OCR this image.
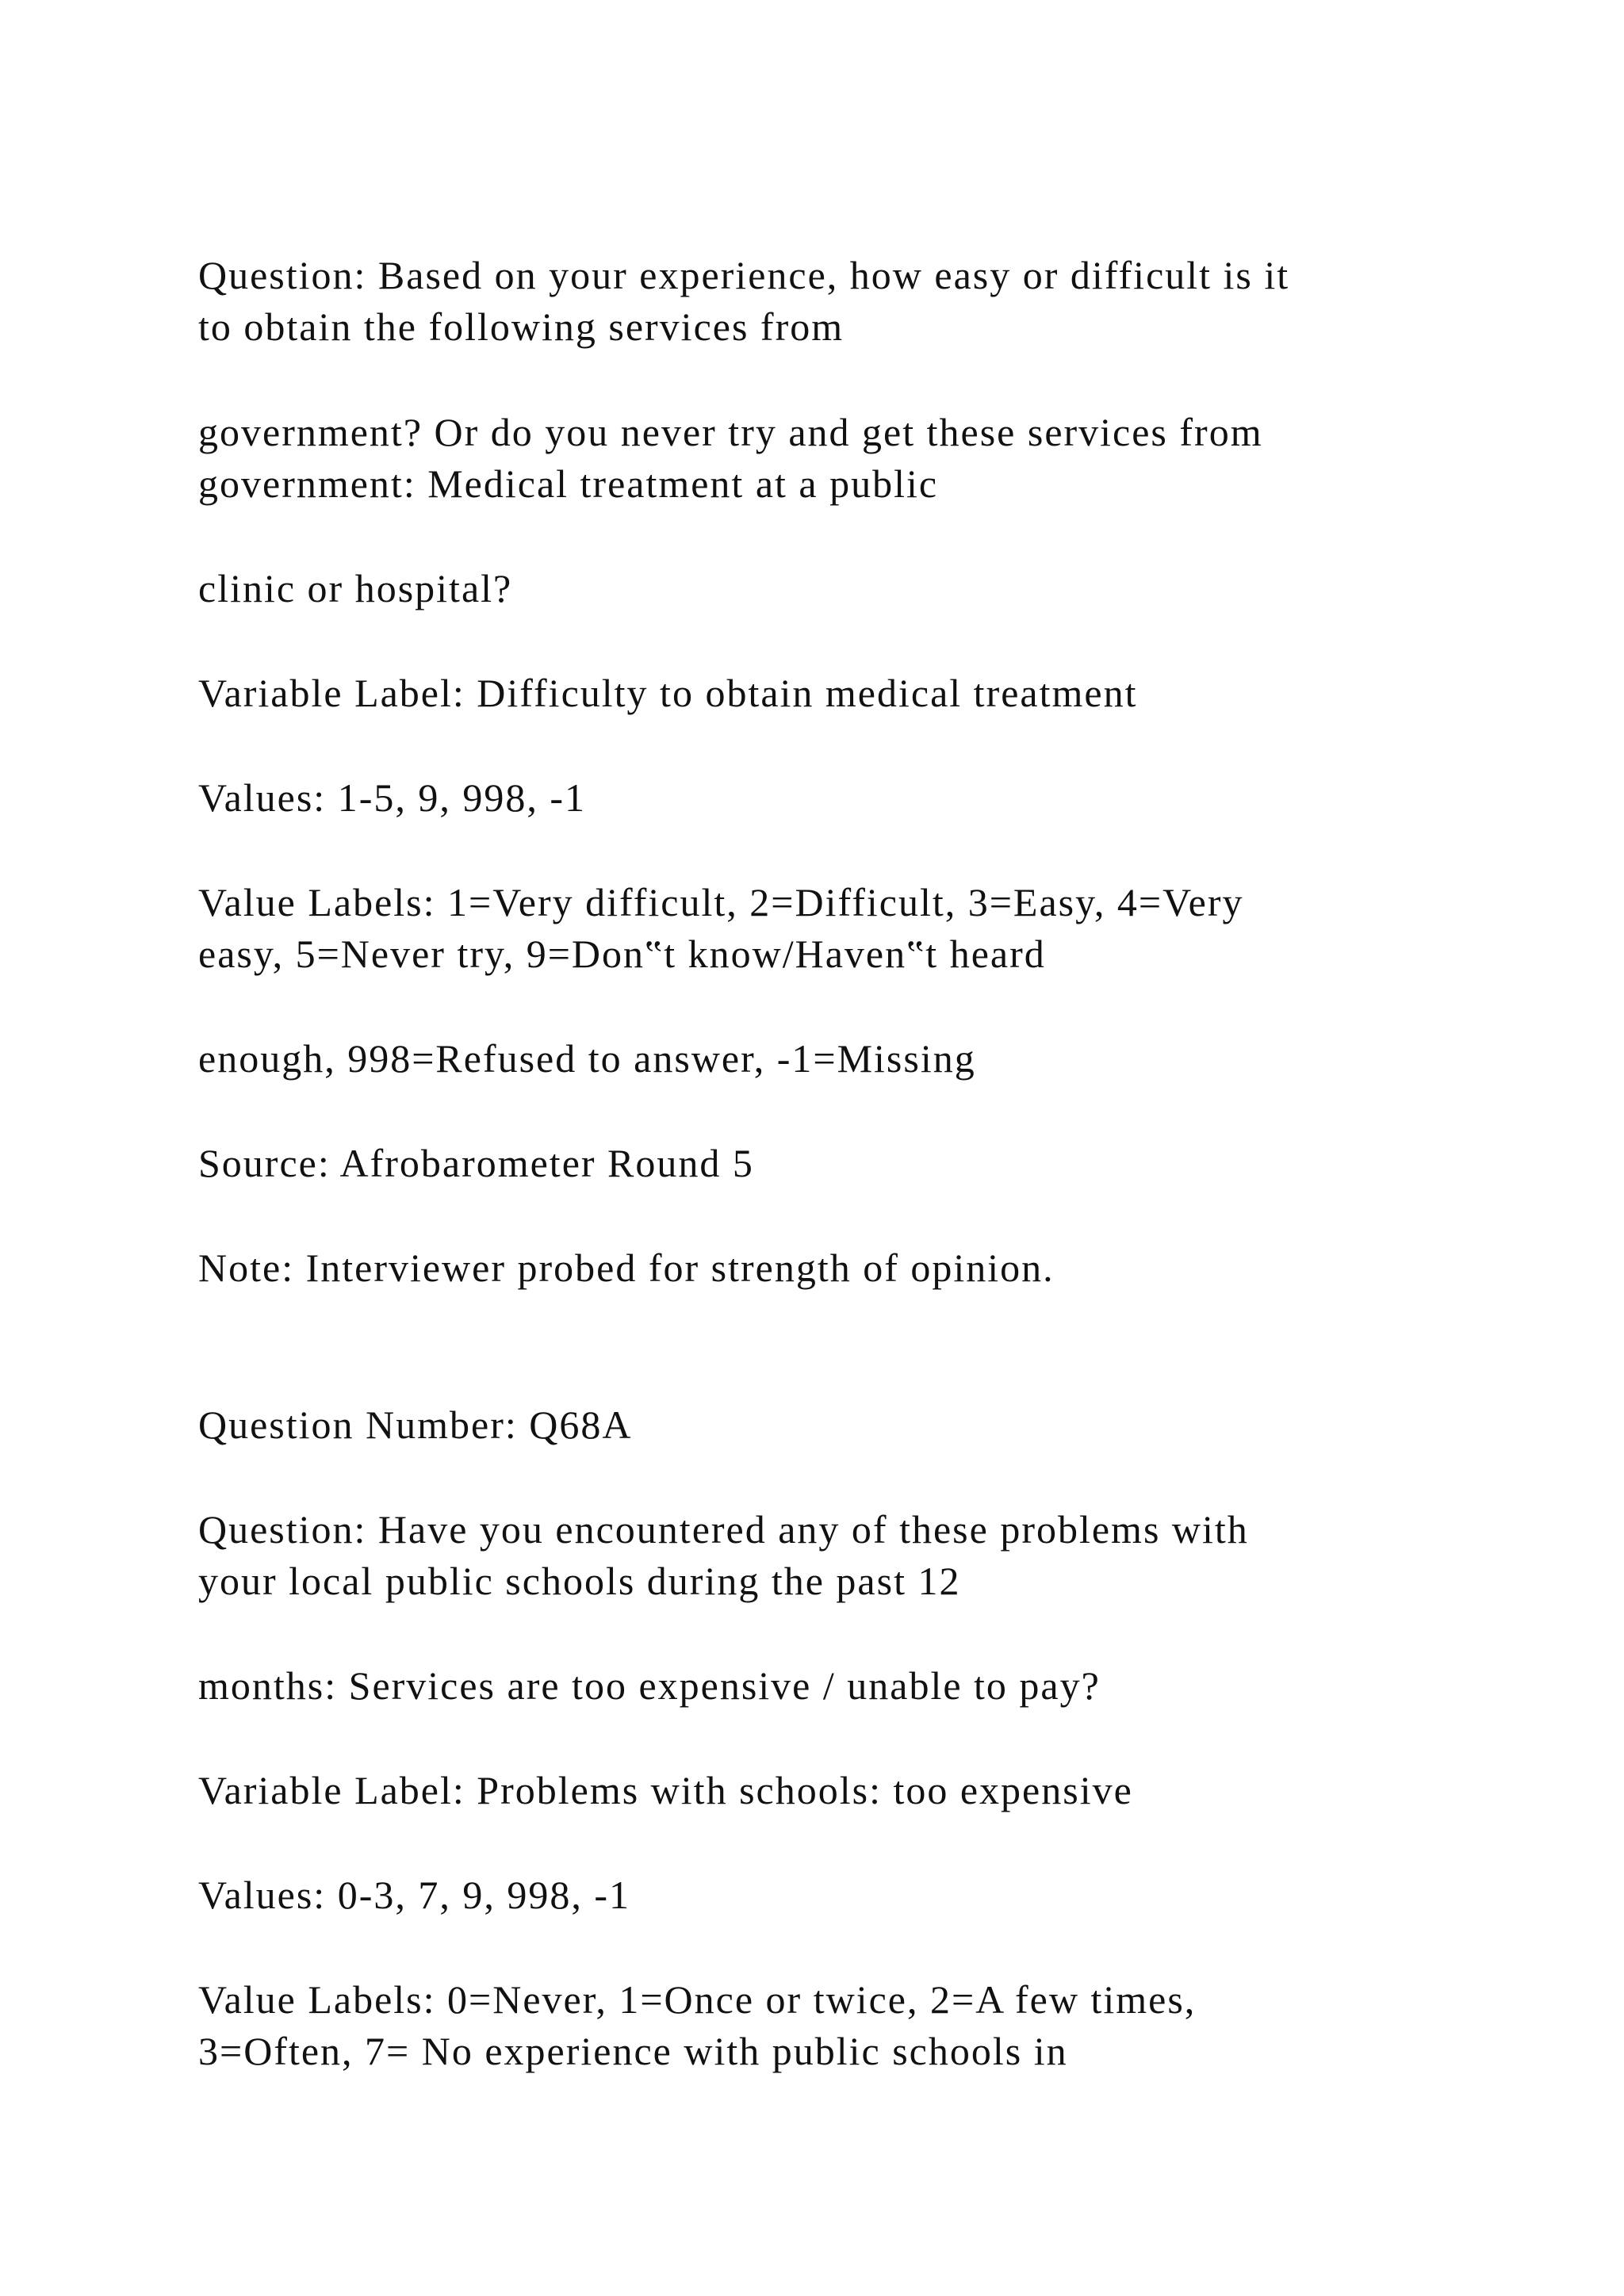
Question: Based on your experience, how easy or difficult is it

to obtain the following services from

government? Or do you never try and get these services from

government: Medical treatment at a public

clinic or hospital?

Variable Label: Difficulty to obtain medical treatment

Values: 1-5, 9, 998, -1

Value Labels: 1=Very difficult, 2=Difficult, 3=Easy, 4=Very

easy, 5=Never try, 9=Don‟t know/Haven‟t heard

enough, 998=Refused to answer, -1=Missing

Source: Afrobarometer Round 5

Note: Interviewer probed for strength of opinion.

Question Number: Q68A

Question: Have you encountered any of these problems with

your local public schools during the past 12

months: Services are too expensive / unable to pay?

Variable Label: Problems with schools: too expensive

Values: 0-3, 7, 9, 998, -1

Value Labels: 0=Never, 1=Once or twice, 2=A few times,

3=Often, 7= No experience with public schools in
